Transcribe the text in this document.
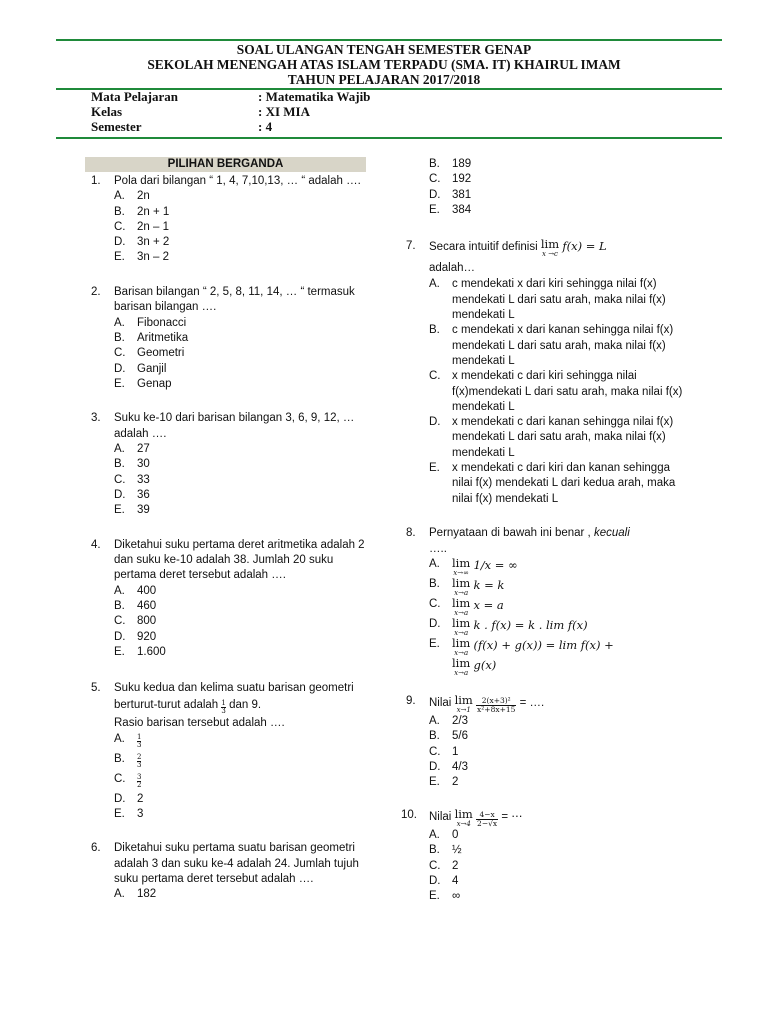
SOAL ULANGAN TENGAH SEMESTER GENAP
SEKOLAH MENENGAH ATAS ISLAM TERPADU (SMA. IT) KHAIRUL IMAM
TAHUN PELAJARAN 2017/2018
Mata Pelajaran	: Matematika Wajib
Kelas	: XI MIA
Semester	: 4
PILIHAN BERGANDA
1. Pola dari bilangan “ 1, 4, 7,10,13, … “ adalah ….
A. 2n
B. 2n + 1
C. 2n – 1
D. 3n + 2
E. 3n – 2
2. Barisan bilangan “ 2, 5, 8, 11, 14, … “ termasuk barisan bilangan ….
A. Fibonacci
B. Aritmetika
C. Geometri
D. Ganjil
E. Genap
3. Suku ke-10 dari barisan bilangan 3, 6, 9, 12, … adalah ….
A. 27
B. 30
C. 33
D. 36
E. 39
4. Diketahui suku pertama deret aritmetika adalah 2 dan suku ke-10 adalah 38. Jumlah 20 suku pertama deret tersebut adalah ….
A. 400
B. 460
C. 800
D. 920
E. 1.600
5. Suku kedua dan kelima suatu barisan geometri berturut-turut adalah $\frac{1}{3}$ dan 9.
Rasio barisan tersebut adalah ….
A. $\frac{1}{3}$
B. $\frac{2}{3}$
C. $\frac{3}{2}$
D. 2
E. 3
6. Diketahui suku pertama suatu barisan geometri adalah 3 dan suku ke-4 adalah 24. Jumlah tujuh suku pertama deret tersebut adalah ….
A. 182
B. 189
C. 192
D. 381
E. 384
7. Secara intuitif definisi lim
x →c
f(x) = L
adalah…
A. c mendekati x dari kiri sehingga nilai f(x) mendekati L dari satu arah, maka nilai f(x) mendekati L
B. c mendekati x dari kanan sehingga nilai f(x) mendekati L dari satu arah, maka nilai f(x) mendekati L
C. x mendekati c dari kiri sehingga nilai f(x)mendekati L dari satu arah, maka nilai f(x) mendekati L
D. x mendekati c dari kanan sehingga nilai f(x) mendekati L dari satu arah, maka nilai f(x) mendekati L
E. x mendekati c dari kiri dan kanan sehingga nilai f(x) mendekati L dari kedua arah, maka nilai f(x) mendekati L
8. Pernyataan di bawah ini benar , kecuali
…..
A. lim
x→∞
1/x = ∞
B. lim
x→a
k = k
C. lim
x→a
x = a
D. lim
x→a
k . f(x) = k . lim f(x)
E. lim
x→a
(f(x) + g(x)) = lim f(x) +
lim
x→a
g(x)
9. Nilai lim
x→1
$\frac{\text{2(x+3)²}}{\text{x²+8x+15}}$ = ….
A. 2/3
B. 5/6
C. 1
D. 4/3
E. 2
10. Nilai lim
x→4
$\frac{4-x}{2-√x}$ = ⋯
A. 0
B. ½
C. 2
D. 4
E. ∞
